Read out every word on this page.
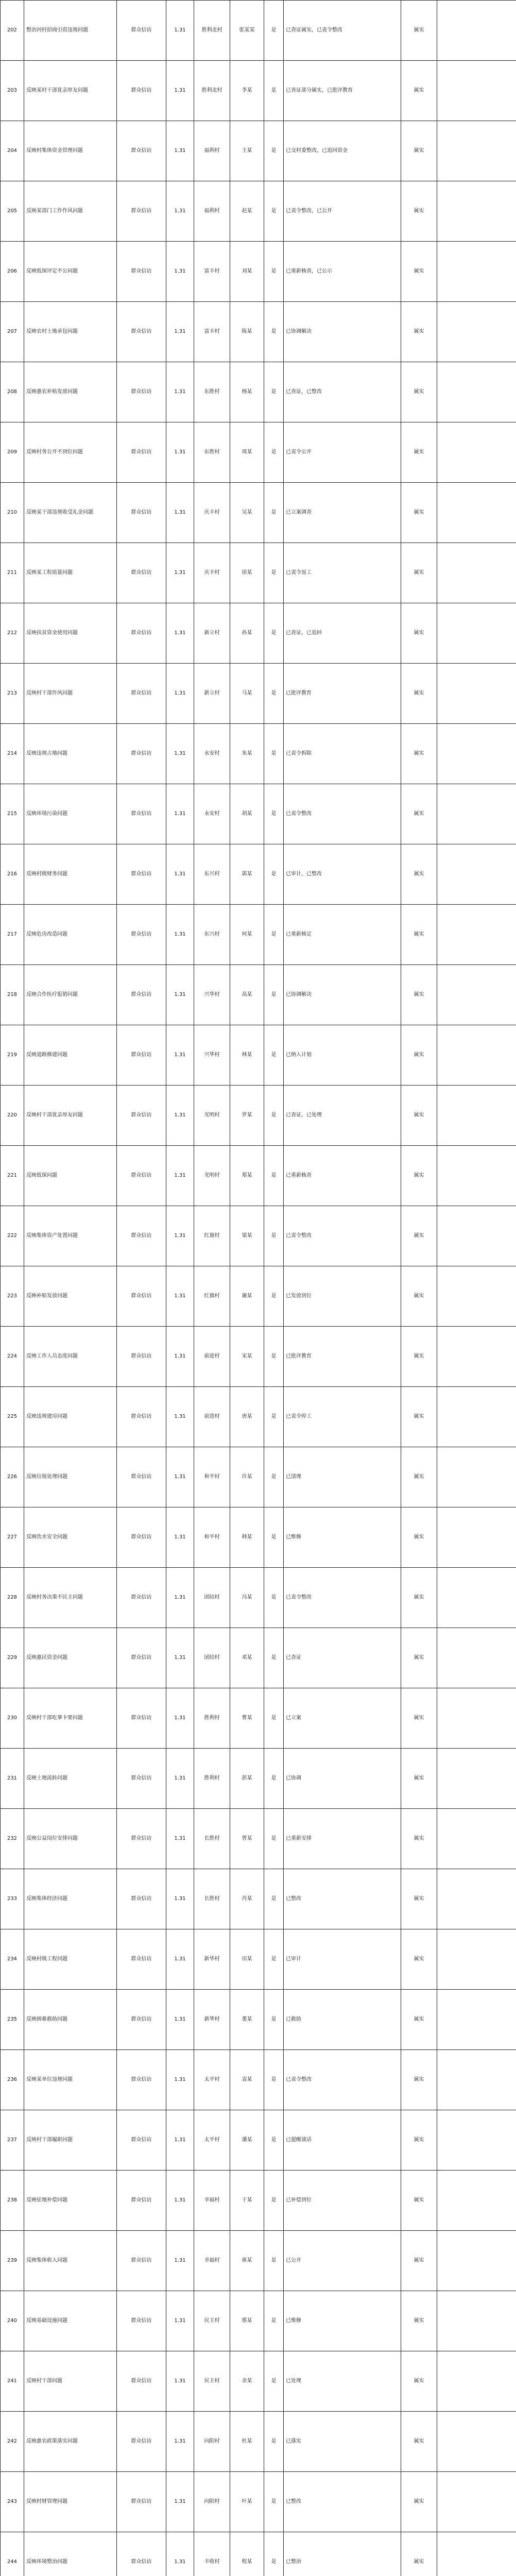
202	整治河村招商引资违规问题	群众信访	1.31	胜利北村	张某某	是	已查证属实，已责令整改	属实	
203	反映某村干部优亲厚友问题	群众信访	1.31	胜利北村	李某	是	已查证部分属实，已批评教育	属实	
204	反映村集体资金管理问题	群众信访	1.31	福利村	王某	是	已交村委整改，已追回资金	属实	
205	反映某部门工作作风问题	群众信访	1.31	福利村	赵某	是	已责令整改，已公开	属实	
206	反映低保评定不公问题	群众信访	1.31	富丰村	刘某	是	已重新核查，已公示	属实	
207	反映农村土地承包问题	群众信访	1.31	富丰村	陈某	是	已协调解决	属实	
208	反映惠农补贴发放问题	群众信访	1.31	东胜村	杨某	是	已查证，已整改	属实	
209	反映村务公开不到位问题	群众信访	1.31	东胜村	周某	是	已责令公开	属实	
210	反映某干部违规收受礼金问题	群众信访	1.31	庆丰村	吴某	是	已立案调查	属实	
211	反映某工程质量问题	群众信访	1.31	庆丰村	徐某	是	已责令返工	属实	
212	反映扶贫资金使用问题	群众信访	1.31	新立村	孙某	是	已查证，已追回	属实	
213	反映村干部作风问题	群众信访	1.31	新立村	马某	是	已批评教育	属实	
214	反映违规占地问题	群众信访	1.31	永安村	朱某	是	已责令拆除	属实	
215	反映环境污染问题	群众信访	1.31	永安村	胡某	是	已责令整改	属实	
216	反映村级财务问题	群众信访	1.31	东兴村	郭某	是	已审计，已整改	属实	
217	反映危房改造问题	群众信访	1.31	东兴村	何某	是	已重新核定	属实	
218	反映合作医疗报销问题	群众信访	1.31	兴华村	高某	是	已协调解决	属实	
219	反映道路修建问题	群众信访	1.31	兴华村	林某	是	已纳入计划	属实	
220	反映村干部优亲厚友问题	群众信访	1.31	光明村	罗某	是	已查证，已处理	属实	
221	反映低保问题	群众信访	1.31	光明村	郑某	是	已重新核查	属实	
222	反映集体资产处置问题	群众信访	1.31	红旗村	梁某	是	已责令整改	属实	
223	反映补贴发放问题	群众信访	1.31	红旗村	谢某	是	已发放到位	属实	
224	反映工作人员态度问题	群众信访	1.31	前进村	宋某	是	已批评教育	属实	
225	反映违规建房问题	群众信访	1.31	前进村	唐某	是	已责令停工	属实	
226	反映垃圾处理问题	群众信访	1.31	和平村	许某	是	已清理	属实	
227	反映饮水安全问题	群众信访	1.31	和平村	韩某	是	已维修	属实	
228	反映村务决策不民主问题	群众信访	1.31	团结村	冯某	是	已责令整改	属实	
229	反映惠民资金问题	群众信访	1.31	团结村	邓某	是	已查证	属实	
230	反映村干部吃拿卡要问题	群众信访	1.31	胜利村	曹某	是	已立案	属实	
231	反映土地流转问题	群众信访	1.31	胜利村	彭某	是	已协调	属实	
232	反映公益岗位安排问题	群众信访	1.31	长胜村	曾某	是	已重新安排	属实	
233	反映集体经济问题	群众信访	1.31	长胜村	肖某	是	已整改	属实	
234	反映村级工程问题	群众信访	1.31	新华村	田某	是	已审计	属实	
235	反映困难救助问题	群众信访	1.31	新华村	董某	是	已救助	属实	
236	反映某单位违规问题	群众信访	1.31	太平村	袁某	是	已责令整改	属实	
237	反映村干部履职问题	群众信访	1.31	太平村	潘某	是	已提醒谈话	属实	
238	反映征地补偿问题	群众信访	1.31	幸福村	于某	是	已补偿到位	属实	
239	反映集体收入问题	群众信访	1.31	幸福村	蒋某	是	已公开	属实	
240	反映基础设施问题	群众信访	1.31	民主村	蔡某	是	已维修	属实	
241	反映村干部问题	群众信访	1.31	民主村	余某	是	已处理	属实	
242	反映惠农政策落实问题	群众信访	1.31	向阳村	杜某	是	已落实	属实	
243	反映村财管理问题	群众信访	1.31	向阳村	叶某	是	已整改	属实	
244	反映环境整治问题	群众信访	1.31	丰收村	程某	是	已整治	属实	
